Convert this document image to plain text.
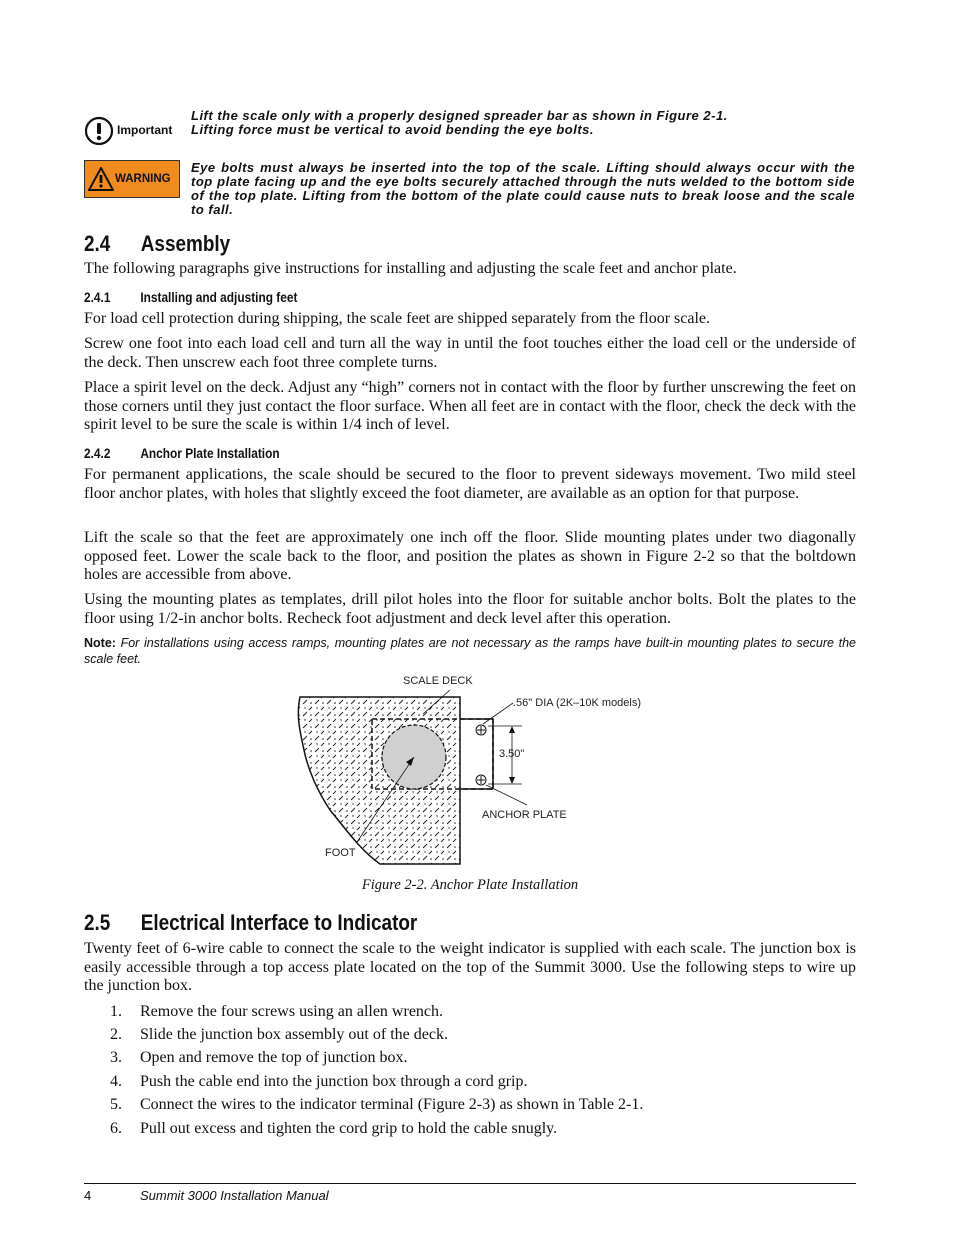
Important
Lift the scale only with a properly designed spreader bar as shown in Figure 2-1.
Lifting force must be vertical to avoid bending the eye bolts.
WARNING
Eye bolts must always be inserted into the top of the scale. Lifting should always occur with the top plate facing up and the eye bolts securely attached through the nuts welded to the bottom side of the top plate. Lifting from the bottom of the plate could cause nuts to break loose and the scale to fall.
2.4 Assembly

The following paragraphs give instructions for installing and adjusting the scale feet and anchor plate.

2.4.1 Installing and adjusting feet

For load cell protection during shipping, the scale feet are shipped separately from the floor scale.

Screw one foot into each load cell and turn all the way in until the foot touches either the load cell or the underside of the deck. Then unscrew each foot three complete turns.

Place a spirit level on the deck. Adjust any “high” corners not in contact with the floor by further unscrewing the feet on those corners until they just contact the floor surface. When all feet are in contact with the floor, check the deck with the spirit level to be sure the scale is within 1/4 inch of level.

2.4.2 Anchor Plate Installation

For permanent applications, the scale should be secured to the floor to prevent sideways movement. Two mild steel floor anchor plates, with holes that slightly exceed the foot diameter, are available as an option for that purpose.

Lift the scale so that the feet are approximately one inch off the floor. Slide mounting plates under two diagonally opposed feet. Lower the scale back to the floor, and position the plates as shown in Figure 2-2 so that the boltdown holes are accessible from above.

Using the mounting plates as templates, drill pilot holes into the floor for suitable anchor bolts. Bolt the plates to the floor using 1/2-in anchor bolts. Recheck foot adjustment and deck level after this operation.

Note: For installations using access ramps, mounting plates are not necessary as the ramps have built-in mounting plates to secure the scale feet.

SCALE DECK
.56" DIA (2K–10K models)
3.50"
ANCHOR PLATE
FOOT
Figure 2-2. Anchor Plate Installation
2.5 Electrical Interface to Indicator

Twenty feet of 6-wire cable to connect the scale to the weight indicator is supplied with each scale. The junction box is easily accessible through a top access plate located on the top of the Summit 3000. Use the following steps to wire up the junction box.

1. Remove the four screws using an allen wrench.
2. Slide the junction box assembly out of the deck.
3. Open and remove the top of junction box.
4. Push the cable end into the junction box through a cord grip.
5. Connect the wires to the indicator terminal (Figure 2-3) as shown in Table 2-1.
6. Pull out excess and tighten the cord grip to hold the cable snugly.
4	Summit 3000 Installation Manual
